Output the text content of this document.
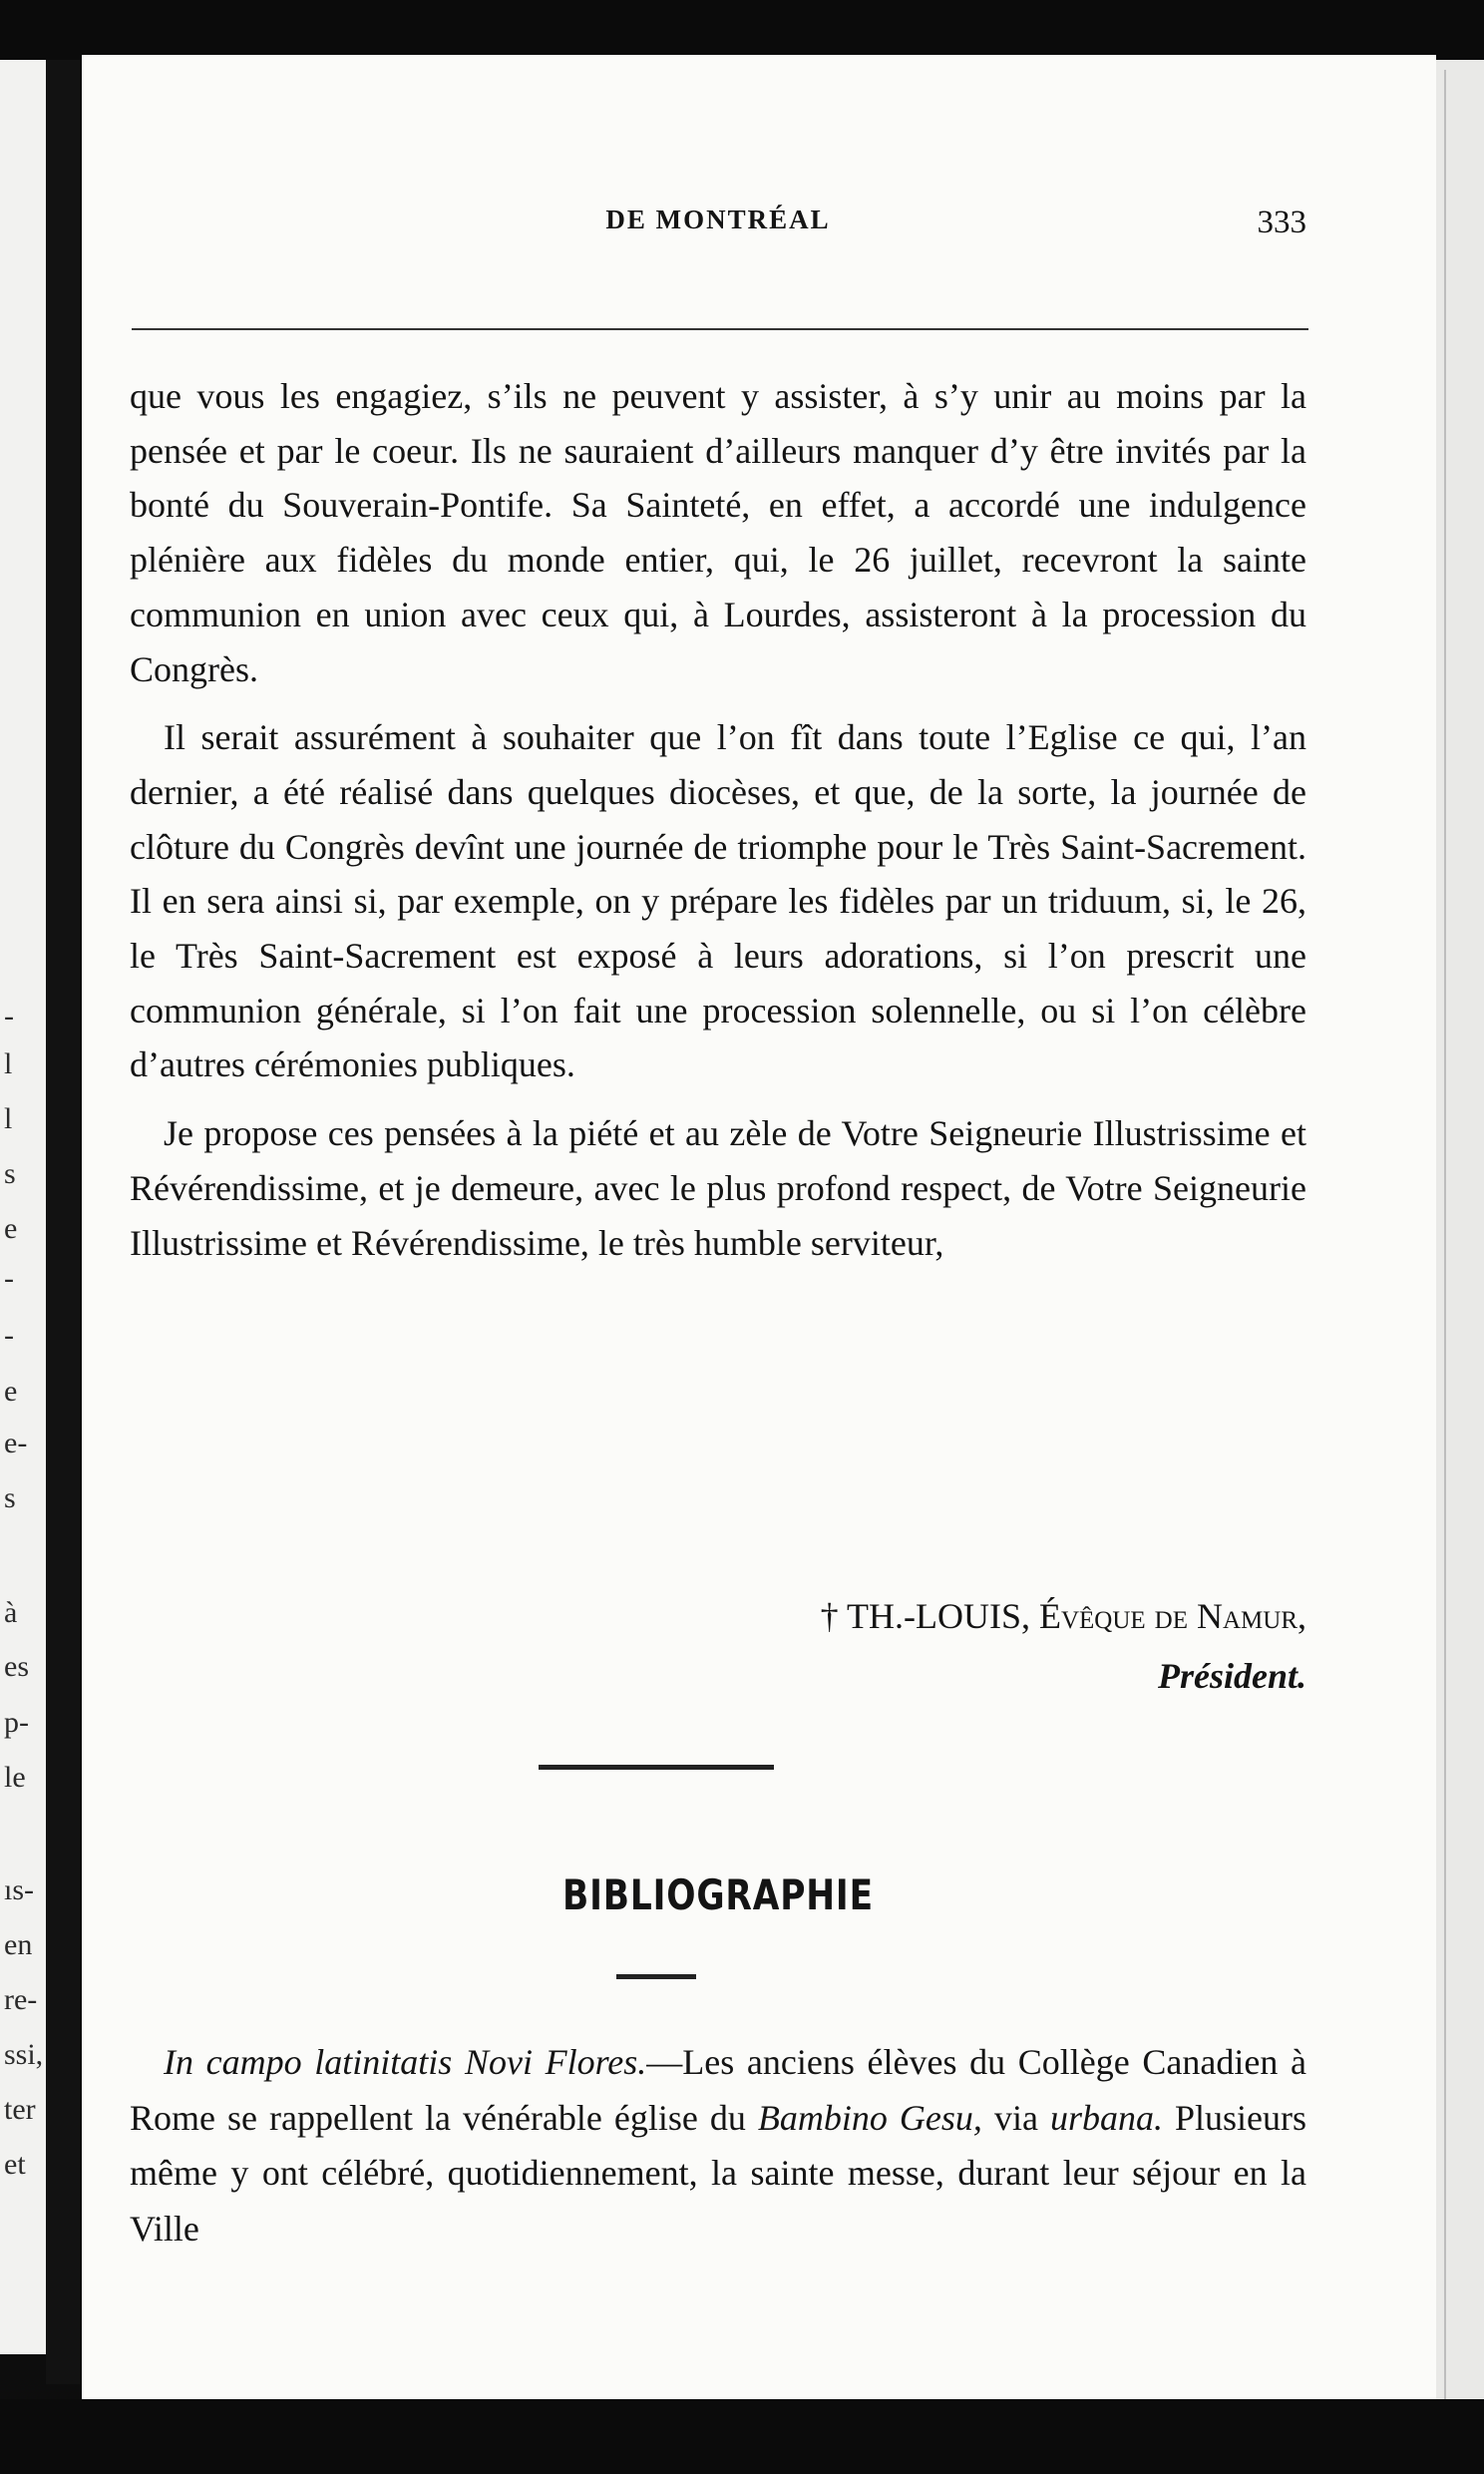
-
l
l
s
e
-
-
e
e-
s
à
es
p-
le
ıs-
en
re-
ssi,
ter
et
DE MONTRÉAL	333

que vous les engagiez, s’ils ne peuvent y assister, à s’y unir au moins par la pensée et par le coeur. Ils ne sauraient d’ailleurs manquer d’y être invités par la bonté du Souverain-Pontife. Sa Sainteté, en effet, a accordé une indulgence plénière aux fidèles du monde entier, qui, le 26 juillet, recevront la sainte communion en union avec ceux qui, à Lourdes, assisteront à la procession du Congrès.

Il serait assurément à souhaiter que l’on fît dans toute l’Eglise ce qui, l’an dernier, a été réalisé dans quelques diocèses, et que, de la sorte, la journée de clôture du Congrès devînt une journée de triomphe pour le Très Saint-Sacrement. Il en sera ainsi si, par exemple, on y prépare les fidèles par un triduum, si, le 26, le Très Saint-Sacrement est exposé à leurs adorations, si l’on prescrit une communion générale, si l’on fait une procession solennelle, ou si l’on célèbre d’autres cérémonies publiques.

Je propose ces pensées à la piété et au zèle de Votre Seigneurie Illustrissime et Révérendissime, et je demeure, avec le plus profond respect, de Votre Seigneurie Illustrissime et Révérendissime, le très humble serviteur,

† TH.-LOUIS, Évêque de Namur,
Président.
BIBLIOGRAPHIE

In campo latinitatis Novi Flores.—Les anciens élèves du Collège Canadien à Rome se rappellent la vénérable église du Bambino Gesu, via urbana. Plusieurs même y ont célébré, quotidiennement, la sainte messe, durant leur séjour en la Ville
